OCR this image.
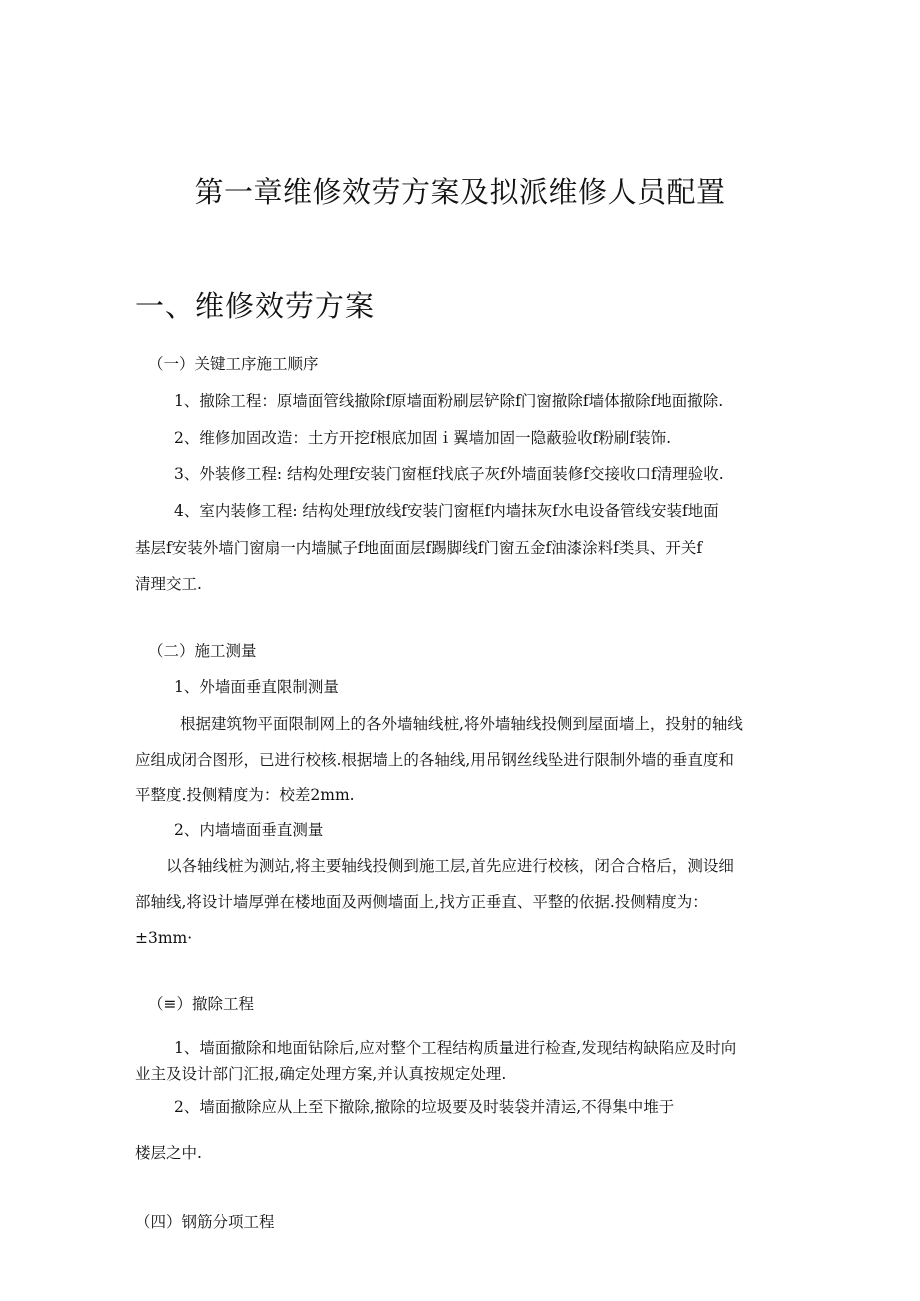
第一章维修效劳方案及拟派维修人员配置
一、维修效劳方案

（一）关键工序施工顺序

1、撤除工程：原墙面管线撤除f原墙面粉刷层铲除f门窗撤除f墙体撤除f地面撤除.

2、维修加固改造：土方开挖f根底加固ｉ翼墙加固一隐蔽验收f粉刷f装饰.

3、外装修工程: 结构处理f安装门窗框f找底子灰f外墙面装修f交接收口f清理验收.

4、室内装修工程: 结构处理f放线f安装门窗框f内墙抹灰f水电设备管线安装f地面

基层f安装外墙门窗扇一内墙腻子f地面面层f踢脚线f门窗五金f油漆涂料f类具、开关f

清理交工.

（二）施工测量

1、外墙面垂直限制测量

根据建筑物平面限制网上的各外墙轴线桩,将外墙轴线投侧到屋面墙上，投射的轴线

应组成闭合图形，已进行校核.根据墙上的各轴线,用吊钢丝线坠进行限制外墙的垂直度和

平整度.投侧精度为：校差2mm.

2、内墙墙面垂直测量

以各轴线桩为测站,将主要轴线投侧到施工层,首先应进行校核，闭合合格后，测设细

部轴线,将设计墙厚弹在楼地面及两侧墙面上,找方正垂直、平整的依据.投侧精度为：

±3mm·

（≡）撤除工程

1、墙面撤除和地面钻除后,应对整个工程结构质量进行检查,发现结构缺陷应及时向

业主及设计部门汇报,确定处理方案,并认真按规定处理.

2、墙面撤除应从上至下撤除,撤除的垃圾要及时装袋并清运,不得集中堆于

楼层之中.

（四）钢筋分项工程
